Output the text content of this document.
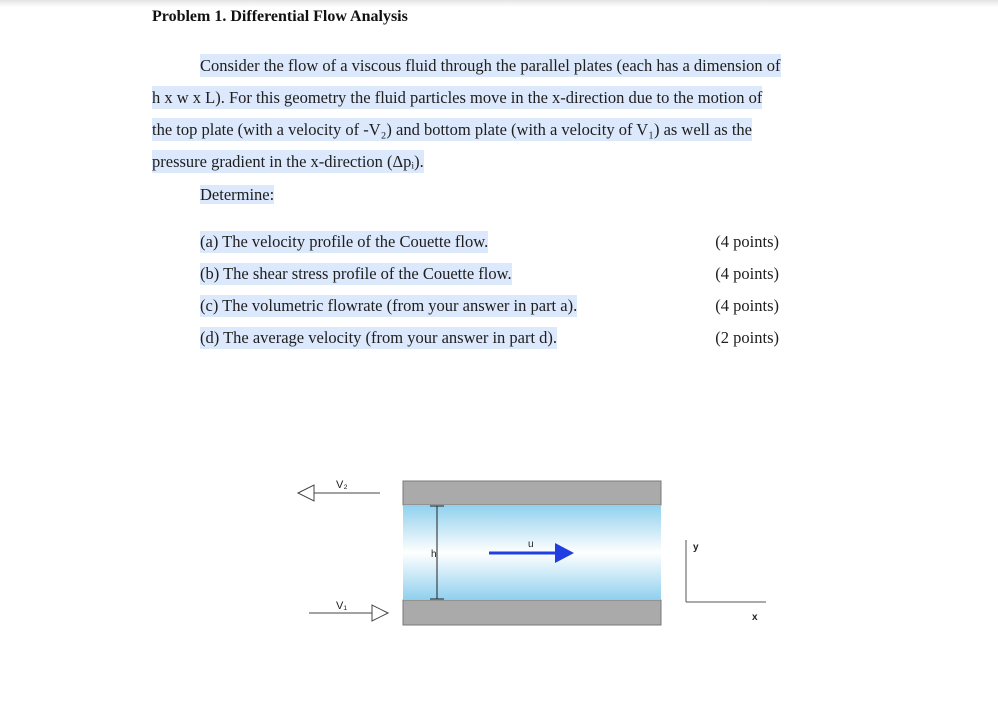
Problem 1. Differential Flow Analysis
Consider the flow of a viscous fluid through the parallel plates (each has a dimension of
h x w x L). For this geometry the fluid particles move in the x-direction due to the motion of
the top plate (with a velocity of -V₂) and bottom plate (with a velocity of V₁) as well as the
pressure gradient in the x-direction (Δpᵢ).
Determine:
(a) The velocity profile of the Couette flow.	(4 points)
(b) The shear stress profile of the Couette flow.	(4 points)
(c) The volumetric flowrate (from your answer in part a).	(4 points)
(d) The average velocity (from your answer in part d).	(2 points)
V₂
V₁
h
u	y
x
